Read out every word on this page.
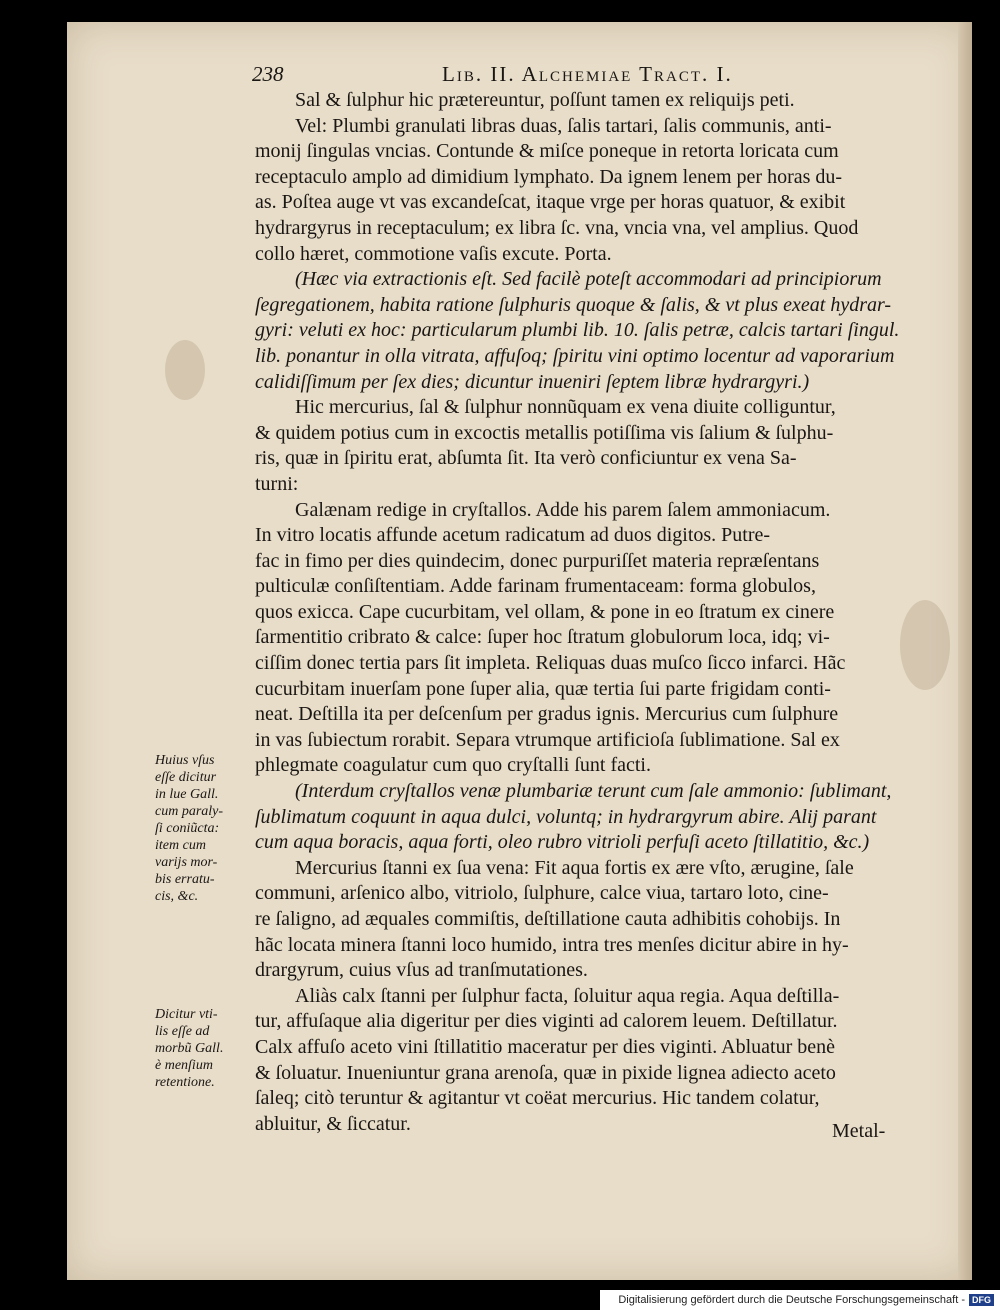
238	Lib. II. Alchemiae Tract. I.
Sal & ſulphur hic prætereuntur, poſſunt tamen ex reliquijs peti.
Vel: Plumbi granulati libras duas, ſalis tartari, ſalis communis, anti-
monij ſingulas vncias. Contunde & miſce poneque in retorta loricata cum
receptaculo amplo ad dimidium lymphato. Da ignem lenem per horas du-
as. Poſtea auge vt vas excandeſcat, itaque vrge per horas quatuor, & exibit
hydrargyrus in receptaculum; ex libra ſc. vna, vncia vna, vel amplius. Quod
collo hæret, commotione vaſis excute. Porta.
(Hæc via extractionis eſt. Sed facilè poteſt accommodari ad principiorum
ſegregationem, habita ratione ſulphuris quoque & ſalis, & vt plus exeat hydrar-
gyri: veluti ex hoc: particularum plumbi lib. 10. ſalis petræ, calcis tartari ſingul.
lib. ponantur in olla vitrata, affuſoq; ſpiritu vini optimo locentur ad vaporarium
calidiſſimum per ſex dies; dicuntur inueniri ſeptem libræ hydrargyri.)
Hic mercurius, ſal & ſulphur nonnũquam ex vena diuite colliguntur,
& quidem potius cum in excoctis metallis potiſſima vis ſalium & ſulphu-
ris, quæ in ſpiritu erat, abſumta ſit. Ita verò conficiuntur ex vena Sa-
turni:
Galænam redige in cryſtallos. Adde his parem ſalem ammoniacum.
In vitro locatis affunde acetum radicatum ad duos digitos. Putre-
fac in fimo per dies quindecim, donec purpuriſſet materia repræſentans
pulticulæ conſiſtentiam. Adde farinam frumentaceam: forma globulos,
quos exicca. Cape cucurbitam, vel ollam, & pone in eo ſtratum ex cinere
ſarmentitio cribrato & calce: ſuper hoc ſtratum globulorum loca, idq; vi-
ciſſim donec tertia pars ſit impleta. Reliquas duas muſco ſicco infarci. Hãc
cucurbitam inuerſam pone ſuper alia, quæ tertia ſui parte frigidam conti-
neat. Deſtilla ita per deſcenſum per gradus ignis. Mercurius cum ſulphure
in vas ſubiectum rorabit. Separa vtrumque artificioſa ſublimatione. Sal ex
phlegmate coagulatur cum quo cryſtalli ſunt facti.
(Interdum cryſtallos venæ plumbariæ terunt cum ſale ammonio: ſublimant,
ſublimatum coquunt in aqua dulci, voluntq; in hydrargyrum abire. Alij parant
cum aqua boracis, aqua forti, oleo rubro vitrioli perfuſi aceto ſtillatitio, &c.)
Mercurius ſtanni ex ſua vena: Fit aqua fortis ex ære vſto, ærugine, ſale
communi, arſenico albo, vitriolo, ſulphure, calce viua, tartaro loto, cine-
re ſaligno, ad æquales commiſtis, deſtillatione cauta adhibitis cohobijs. In
hãc locata minera ſtanni loco humido, intra tres menſes dicitur abire in hy-
drargyrum, cuius vſus ad tranſmutationes.
Aliàs calx ſtanni per ſulphur facta, ſoluitur aqua regia. Aqua deſtilla-
tur, affuſaque alia digeritur per dies viginti ad calorem leuem. Deſtillatur.
Calx affuſo aceto vini ſtillatitio maceratur per dies viginti. Abluatur benè
& ſoluatur. Inueniuntur grana arenoſa, quæ in pixide lignea adiecto aceto
ſaleq; citò teruntur & agitantur vt coëat mercurius. Hic tandem colatur,
abluitur, & ſiccatur.
Huius vſus
eſſe dicitur
in lue Gall.
cum paraly-
ſi coniũcta:
item cum
varijs mor-
bis erratu-
cis, &c.
Dicitur vti-
lis eſſe ad
morbũ Gall.
è menſium
retentione.
Metal-
Digitalisierung gefördert durch die Deutsche Forschungsgemeinschaft - DFG
